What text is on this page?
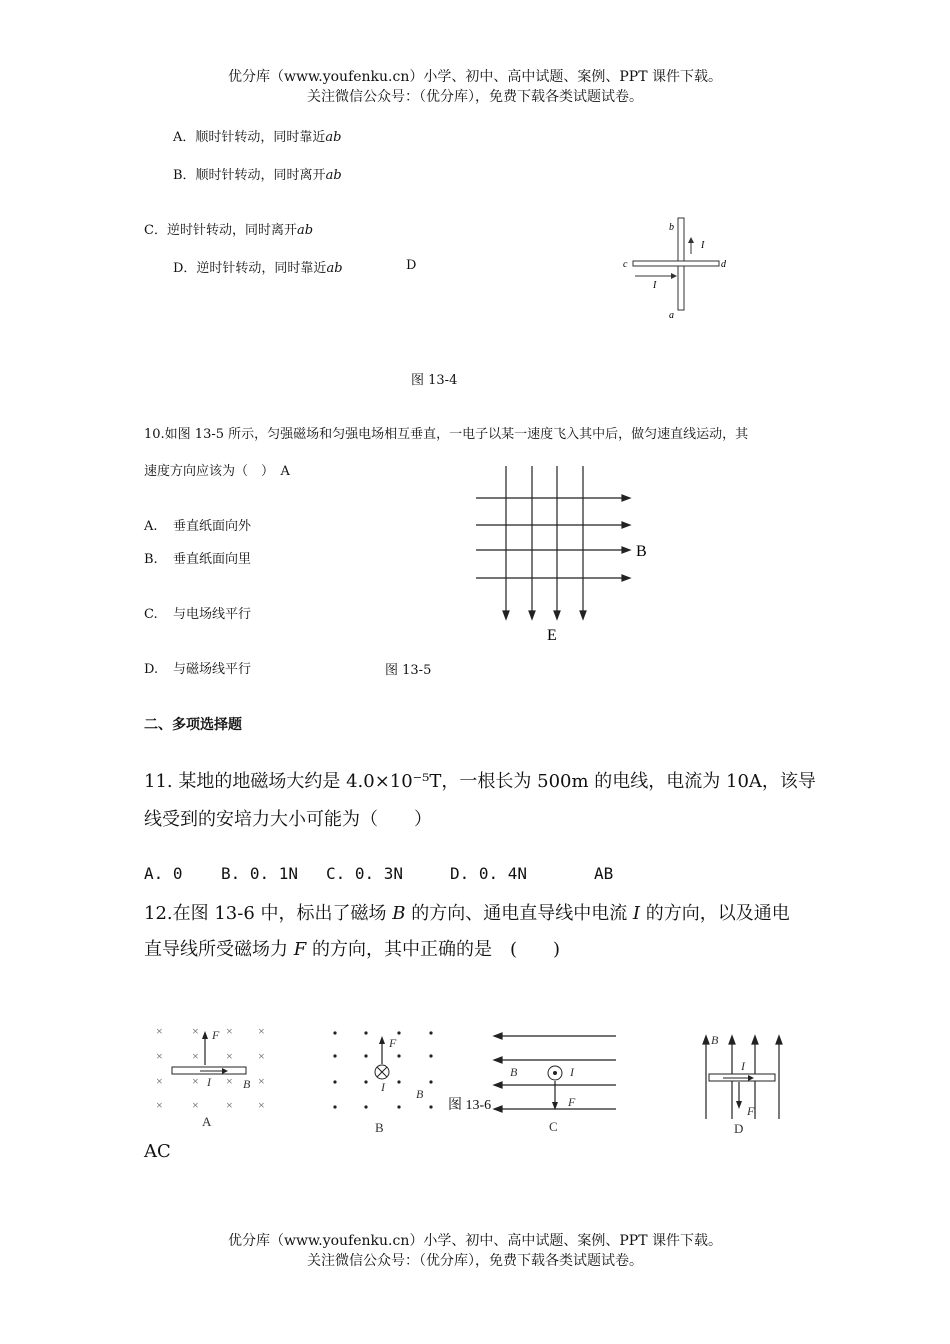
优分库（www.youfenku.cn）小学、初中、高中试题、案例、PPT 课件下载。
关注微信公众号：（优分库），免费下载各类试题试卷。
A．顺时针转动，同时靠近ab
B．顺时针转动，同时离开ab
C．逆时针转动，同时离开ab
D．逆时针转动，同时靠近ab	D
b
a
c	d
I
I
图 13-4
10.如图 13-5 所示，匀强磁场和匀强电场相互垂直，一电子以某一速度飞入其中后，做匀速直线运动，其
速度方向应该为（　）　A
A. 垂直纸面向外
B. 垂直纸面向里
C. 与电场线平行
D. 与磁场线平行	图 13-5
B
E
二、多项选择题
11. 某地的地磁场大约是 4.0×10⁻⁵T，一根长为 500m 的电线，电流为 10A，该导
线受到的安培力大小可能为（　　）
A. 0 B. 0. 1N C. 0. 3N	D. 0. 4N	AB
12.在图 13-6 中，标出了磁场 B 的方向、通电直导线中电流 I 的方向，以及通电
直导线所受磁场力 F 的方向，其中正确的是　(　　)
× × × ×
× × × ×
× × × ×
× × × ×
F
I	B
A
F
I	B
B
图 13-6
B	I
F
C
B
I
F
D
AC
优分库（www.youfenku.cn）小学、初中、高中试题、案例、PPT 课件下载。
关注微信公众号：（优分库），免费下载各类试题试卷。
